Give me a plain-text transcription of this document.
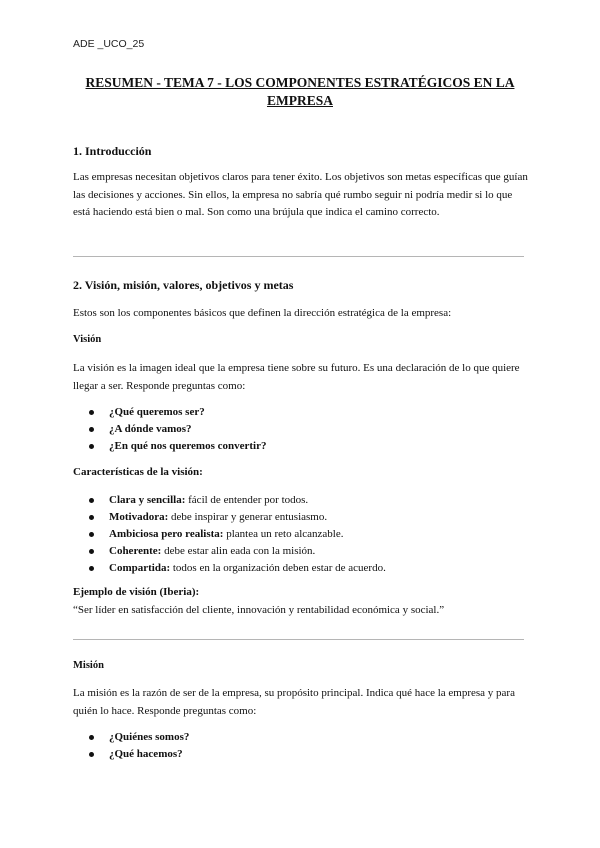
ADE _UCO_25
RESUMEN - TEMA 7 - LOS COMPONENTES ESTRATÉGICOS EN LA EMPRESA
1. Introducción

Las empresas necesitan objetivos claros para tener éxito. Los objetivos son metas específicas que guían las decisiones y acciones. Sin ellos, la empresa no sabría qué rumbo seguir ni podría medir si lo que está haciendo está bien o mal. Son como una brújula que indica el camino correcto.

2. Visión, misión, valores, objetivos y metas

Estos son los componentes básicos que definen la dirección estratégica de la empresa:

Visión

La visión es la imagen ideal que la empresa tiene sobre su futuro. Es una declaración de lo que quiere llegar a ser. Responde preguntas como:

¿Qué queremos ser?
¿A dónde vamos?
¿En qué nos queremos convertir?

Características de la visión:

Clara y sencilla: fácil de entender por todos.
Motivadora: debe inspirar y generar entusiasmo.
Ambiciosa pero realista: plantea un reto alcanzable.
Coherente: debe estar alin eada con la misión.
Compartida: todos en la organización deben estar de acuerdo.

Ejemplo de visión (Iberia):

“Ser líder en satisfacción del cliente, innovación y rentabilidad económica y social.”

Misión

La misión es la razón de ser de la empresa, su propósito principal. Indica qué hace la empresa y para quién lo hace. Responde preguntas como:

¿Quiénes somos?
¿Qué hacemos?
